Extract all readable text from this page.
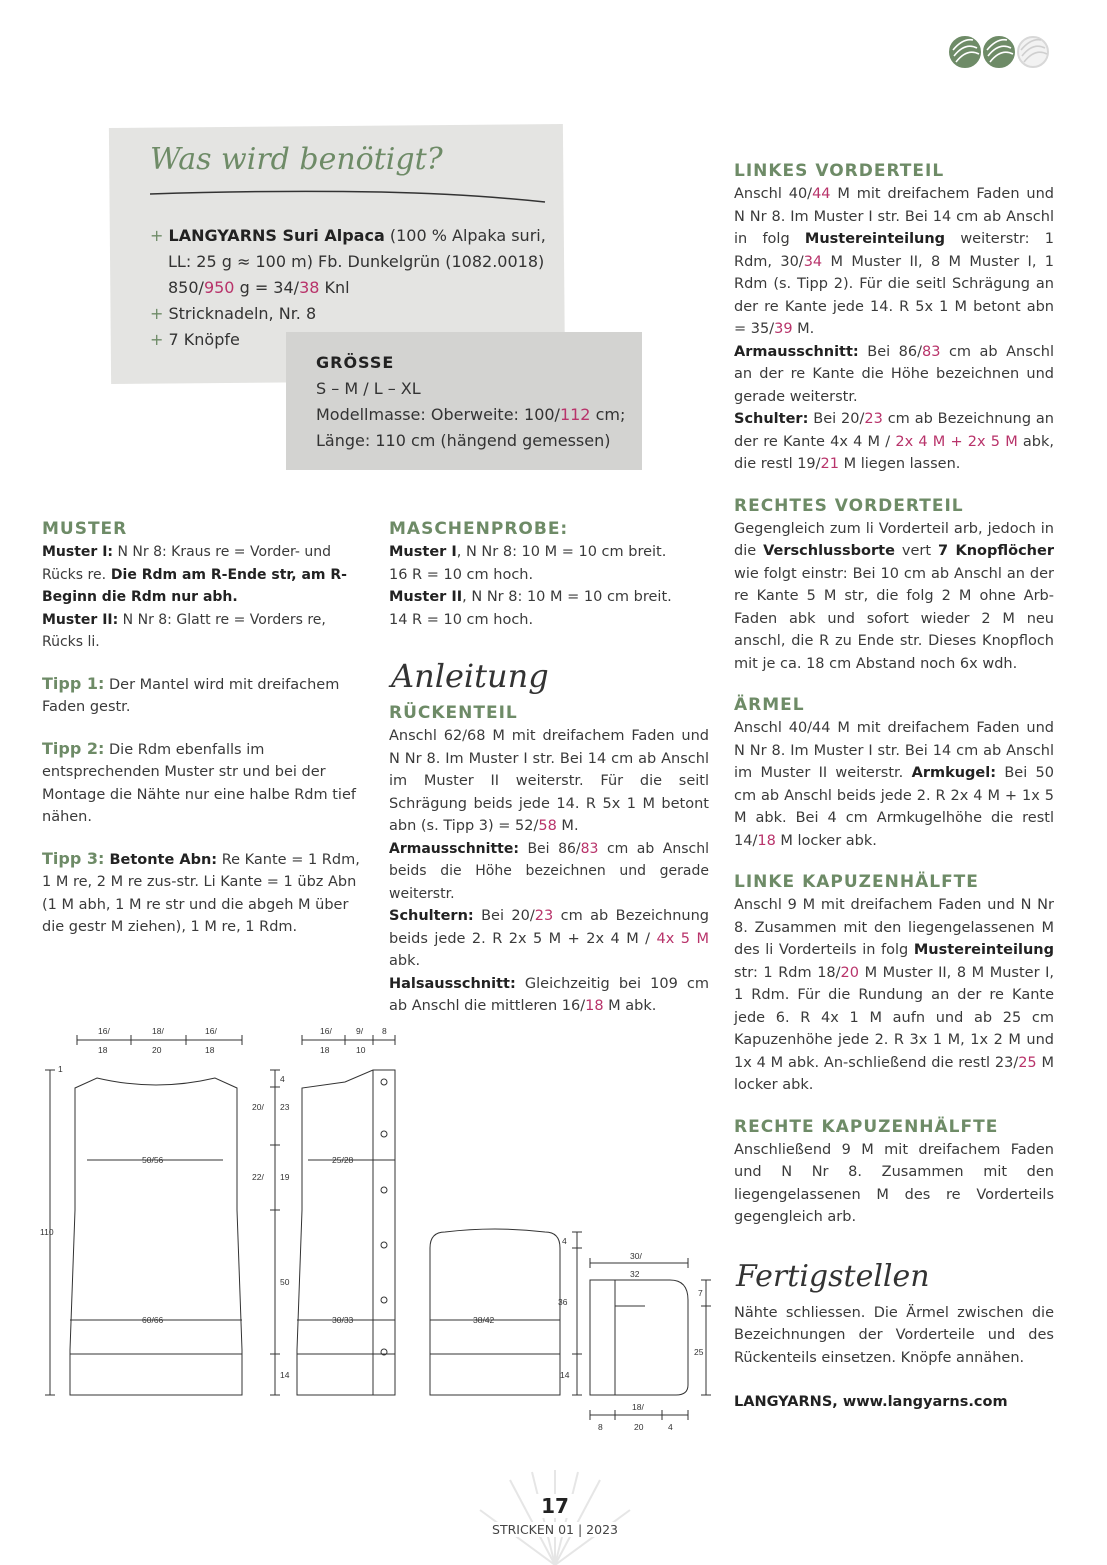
Was wird benötigt?
+ LANGYARNS Suri Alpaca (100 % Alpaka suri,
LL: 25 g ≈ 100 m) Fb. Dunkelgrün (1082.0018)
850/950 g = 34/38 Knl
+ Stricknadeln, Nr. 8
+ 7 Knöpfe
GRÖSSE
S – M / L – XL
Modellmasse: Oberweite: 100/112 cm;
Länge: 110 cm (hängend gemessen)
MUSTER

Muster I: N Nr 8: Kraus re = Vorder- und Rücks re. Die Rdm am R-Ende str, am R-Beginn die Rdm nur abh.

Muster II: N Nr 8: Glatt re = Vorders re, Rücks li.

Tipp 1: Der Mantel wird mit dreifachem Faden gestr.

Tipp 2: Die Rdm ebenfalls im entsprechenden Muster str und bei der Montage die Nähte nur eine halbe Rdm tief nähen.

Tipp 3: Betonte Abn: Re Kante = 1 Rdm, 1 M re, 2 M re zus-str. Li Kante = 1 übz Abn (1 M abh, 1 M re str und die abgeh M über die gestr M ziehen), 1 M re, 1 Rdm.

MASCHENPROBE:

Muster I, N Nr 8: 10 M = 10 cm breit.

16 R = 10 cm hoch.

Muster II, N Nr 8: 10 M = 10 cm breit.

14 R = 10 cm hoch.

Anleitung
RÜCKENTEIL

Anschl 62/68 M mit dreifachem Faden und N Nr 8. Im Muster I str. Bei 14 cm ab Anschl im Muster II weiterstr. Für die seitl Schrägung beids jede 14. R 5x 1 M betont abn (s. Tipp 3) = 52/58 M.

Armausschnitte: Bei 86/83 cm ab Anschl beids die Höhe bezeichnen und gerade weiterstr.

Schultern: Bei 20/23 cm ab Bezeichnung beids jede 2. R 2x 5 M + 2x 4 M / 4x 5 M abk.

Halsausschnitt: Gleichzeitig bei 109 cm ab Anschl die mittleren 16/18 M abk.

LINKES VORDERTEIL

Anschl 40/44 M mit dreifachem Faden und N Nr 8. Im Muster I str. Bei 14 cm ab Anschl in folg Mustereinteilung weiterstr: 1 Rdm, 30/34 M Muster II, 8 M Muster I, 1 Rdm (s. Tipp 2). Für die seitl Schrägung an der re Kante jede 14. R 5x 1 M betont abn = 35/39 M.

Armausschnitt: Bei 86/83 cm ab Anschl an der re Kante die Höhe bezeichnen und gerade weiterstr.

Schulter: Bei 20/23 cm ab Bezeichnung an der re Kante 4x 4 M / 2x 4 M + 2x 5 M abk, die restl 19/21 M liegen lassen.

RECHTES VORDERTEIL

Gegengleich zum li Vorderteil arb, jedoch in die Verschlussborte vert 7 Knopflöcher wie folgt einstr: Bei 10 cm ab Anschl an der re Kante 5 M str, die folg 2 M ohne Arb-Faden abk und sofort wieder 2 M neu anschl, die R zu Ende str. Dieses Knopfloch mit je ca. 18 cm Abstand noch 6x wdh.

ÄRMEL

Anschl 40/44 M mit dreifachem Faden und N Nr 8. Im Muster I str. Bei 14 cm ab Anschl im Muster II weiterstr. Armkugel: Bei 50 cm ab Anschl beids jede 2. R 2x 4 M + 1x 5 M abk. Bei 4 cm Armkugelhöhe die restl 14/18 M locker abk.

LINKE KAPUZENHÄLFTE

Anschl 9 M mit dreifachem Faden und N Nr 8. Zusammen mit den liegengelassenen M des li Vorderteils in folg Mustereinteilung str: 1 Rdm 18/20 M Muster II, 8 M Muster I, 1 Rdm. Für die Rundung an der re Kante jede 6. R 4x 1 M aufn und ab 25 cm Kapuzenhöhe jede 2. R 3x 1 M, 1x 2 M und 1x 4 M abk. An-schließend die restl 23/25 M locker abk.

RECHTE KAPUZENHÄLFTE

Anschließend 9 M mit dreifachem Faden und N Nr 8. Zusammen mit den liegengelassenen M des re Vorderteils gegengleich arb.

Fertigstellen

Nähte schliessen. Die Ärmel zwischen die Bezeichnungen der Vorderteile und des Rückenteils einsetzen. Knöpfe annähen.

LANGYARNS, www.langyarns.com

16/	18/	16/
18	20	18
50/56
60/66
1
110
4
20/ 23
22/ 19
50
14
16/	9/ 8
18	10
25/28
30/33	38/42
4
36
14
30/
32
7
25
18/
8	20	4
17
STRICKEN 01 | 2023
